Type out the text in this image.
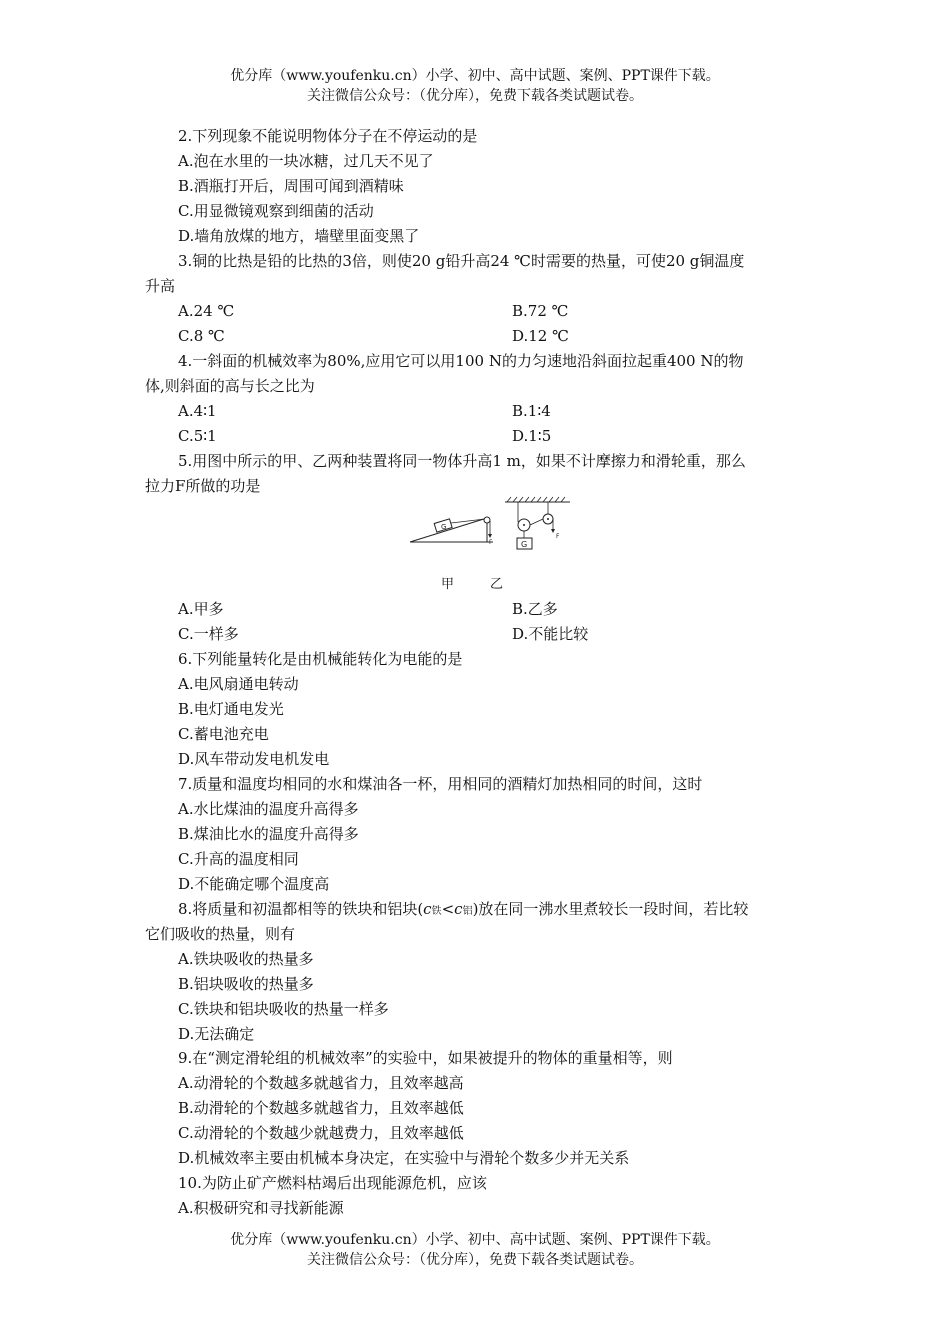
优分库（www.youfenku.cn）小学、初中、高中试题、案例、PPT课件下载。
关注微信公众号：（优分库），免费下载各类试题试卷。
2.下列现象不能说明物体分子在不停运动的是
A.泡在水里的一块冰糖，过几天不见了
B.酒瓶打开后，周围可闻到酒精味
C.用显微镜观察到细菌的活动
D.墙角放煤的地方，墙壁里面变黑了
3.铜的比热是铅的比热的3倍，则使20 g铅升高24 ℃时需要的热量，可使20 g铜温度
升高
A.24 ℃	B.72 ℃
C.8 ℃	D.12 ℃
4.一斜面的机械效率为80%,应用它可以用100 N的力匀速地沿斜面拉起重400 N的物
体,则斜面的高与长之比为
A.4∶1	B.1∶4
C.5∶1	D.1∶5
5.用图中所示的甲、乙两种装置将同一物体升高1 m，如果不计摩擦力和滑轮重，那么
拉力F所做的功是
G
F
F
G
甲	乙
A.甲多	B.乙多
C.一样多	D.不能比较
6.下列能量转化是由机械能转化为电能的是
A.电风扇通电转动
B.电灯通电发光
C.蓄电池充电
D.风车带动发电机发电
7.质量和温度均相同的水和煤油各一杯，用相同的酒精灯加热相同的时间，这时
A.水比煤油的温度升高得多
B.煤油比水的温度升高得多
C.升高的温度相同
D.不能确定哪个温度高
8.将质量和初温都相等的铁块和铝块(c铁<c铝)放在同一沸水里煮较长一段时间，若比较
它们吸收的热量，则有
A.铁块吸收的热量多
B.铝块吸收的热量多
C.铁块和铝块吸收的热量一样多
D.无法确定
9.在“测定滑轮组的机械效率”的实验中，如果被提升的物体的重量相等，则
A.动滑轮的个数越多就越省力，且效率越高
B.动滑轮的个数越多就越省力，且效率越低
C.动滑轮的个数越少就越费力，且效率越低
D.机械效率主要由机械本身决定，在实验中与滑轮个数多少并无关系
10.为防止矿产燃料枯竭后出现能源危机，应该
A.积极研究和寻找新能源
优分库（www.youfenku.cn）小学、初中、高中试题、案例、PPT课件下载。
关注微信公众号：（优分库），免费下载各类试题试卷。
